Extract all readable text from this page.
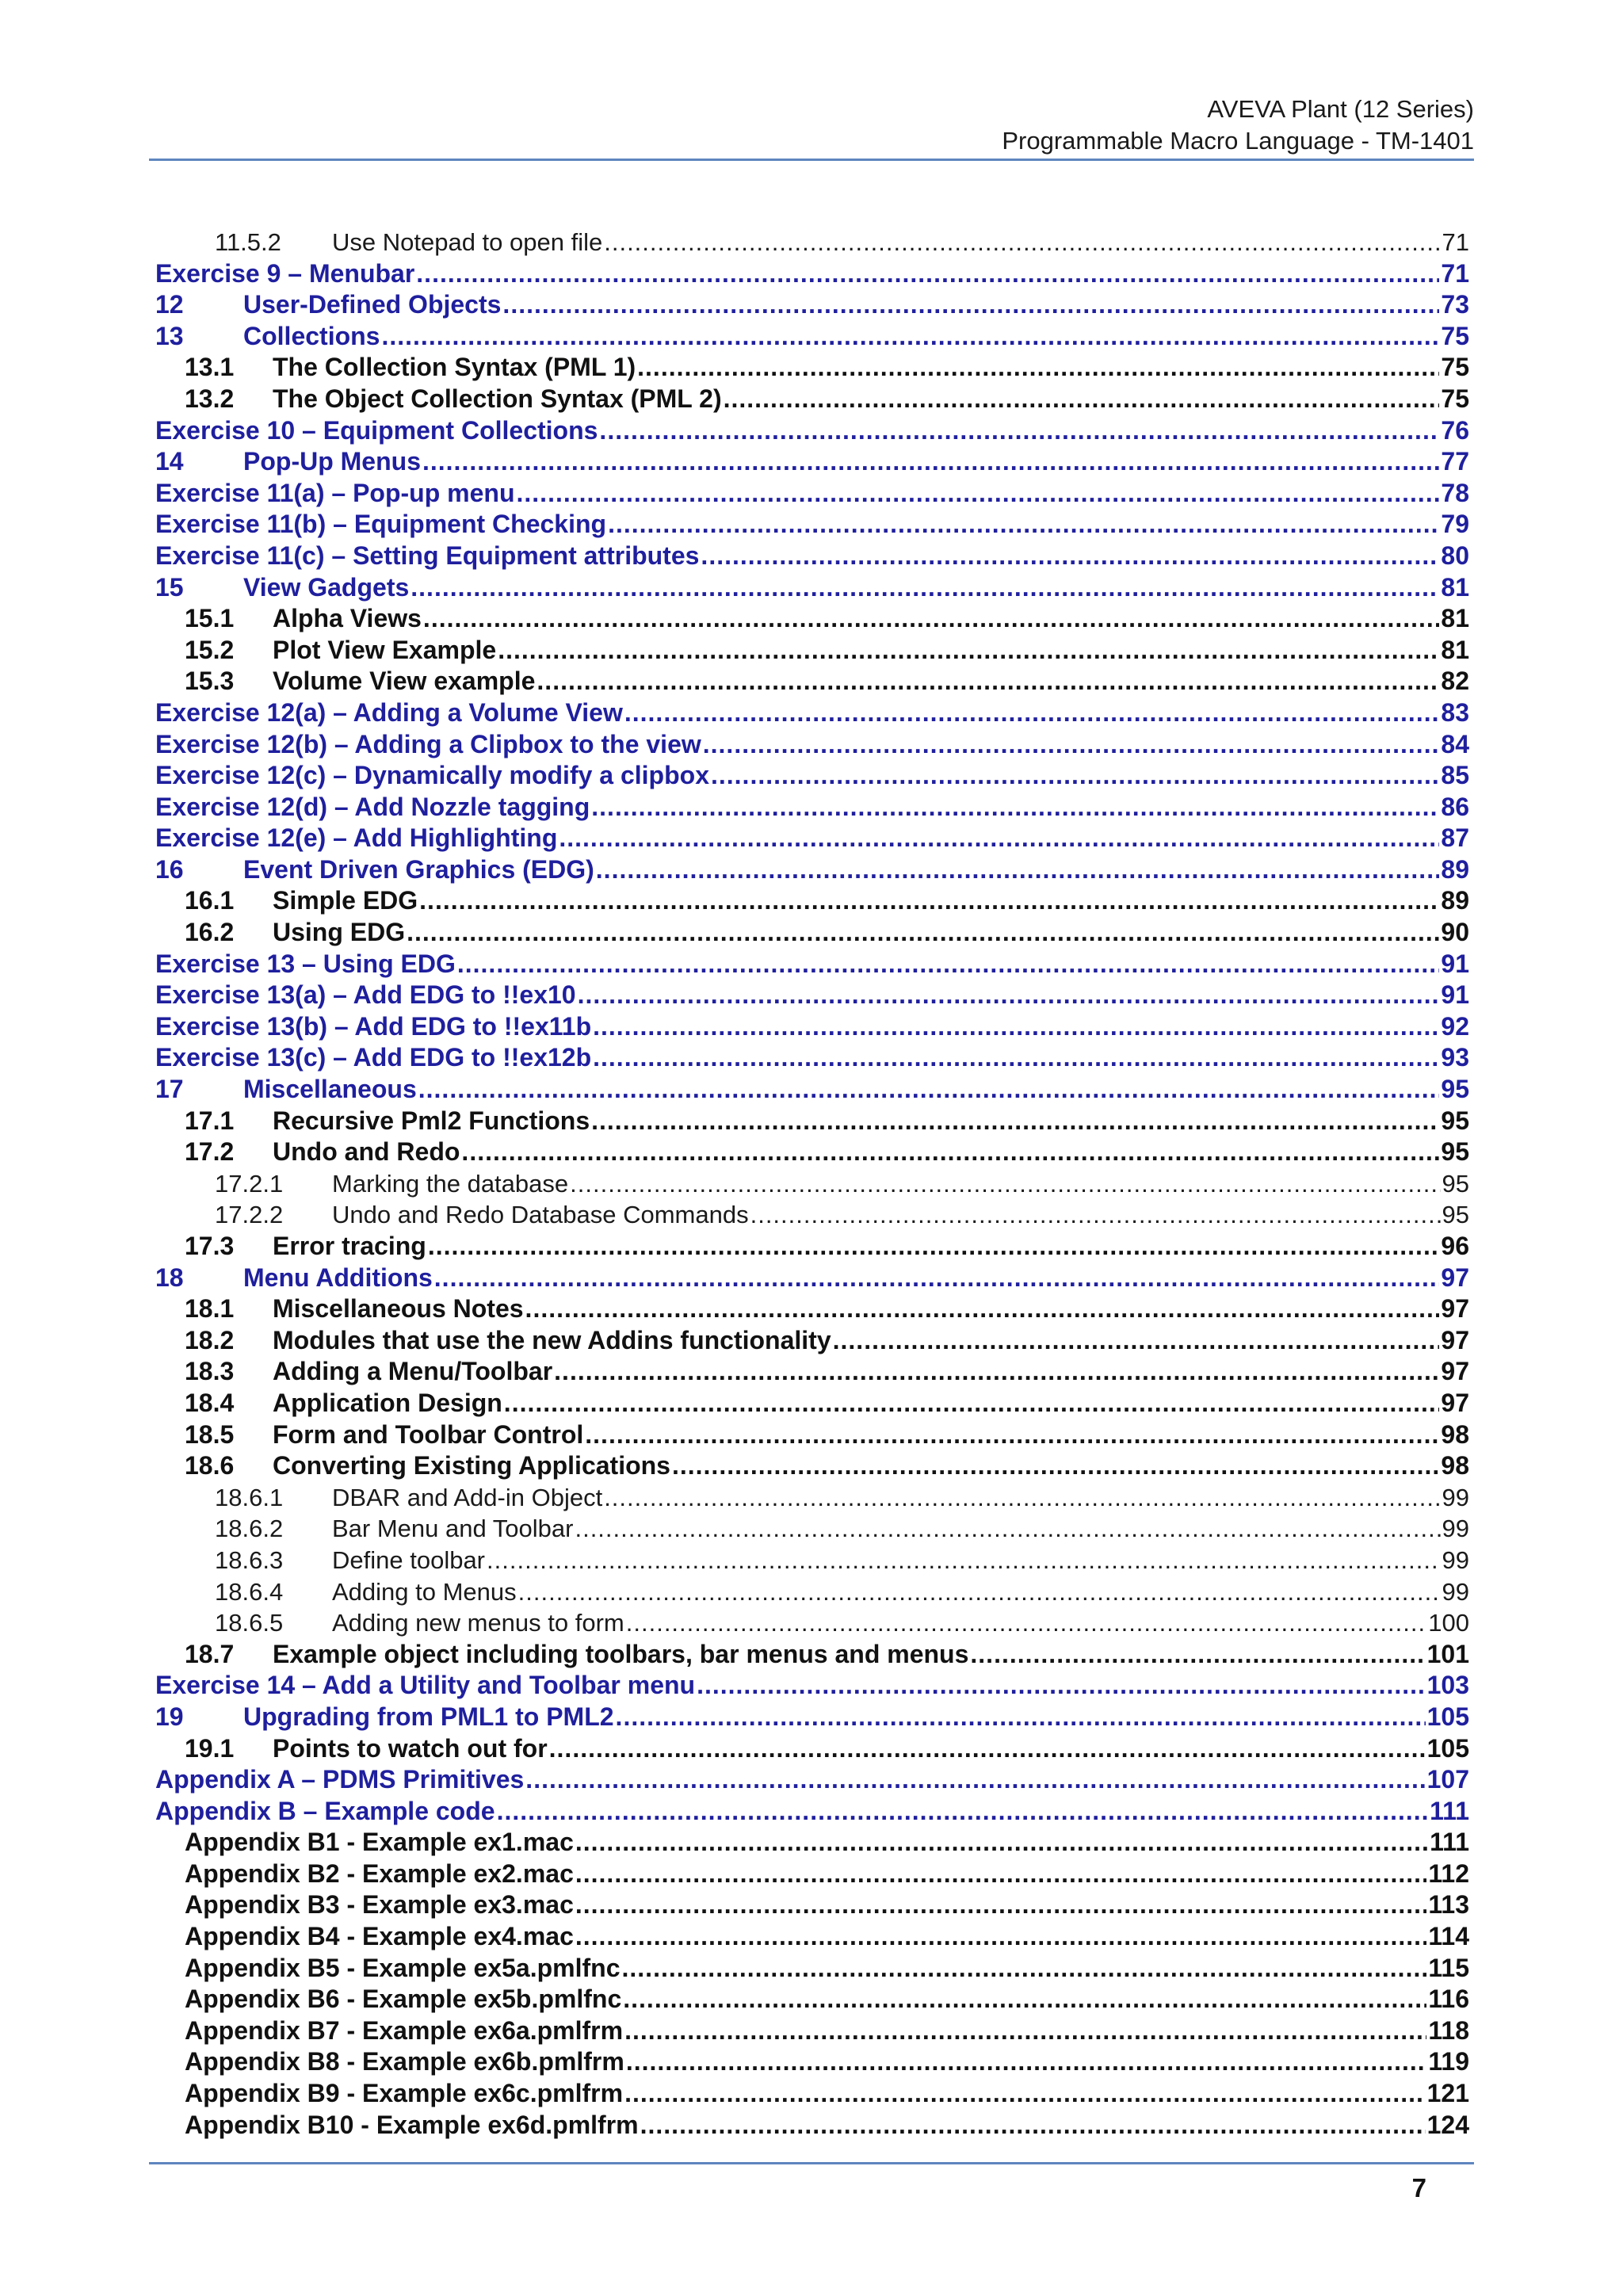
AVEVA Plant (12 Series)
Programmable Macro Language - TM-1401
11.5.2	Use Notepad to open file .....	71
Exercise 9 – Menubar .....	71
12	User-Defined Objects .....	73
13	Collections .....	75
13.1	The Collection Syntax (PML 1) .....	75
13.2	The Object Collection Syntax (PML 2) .....	75
Exercise 10 – Equipment Collections .....	76
14	Pop-Up Menus .....	77
Exercise 11(a) – Pop-up menu .....	78
Exercise 11(b) – Equipment Checking .....	79
Exercise 11(c) – Setting Equipment attributes .....	80
15	View Gadgets .....	81
15.1	Alpha Views .....	81
15.2	Plot View Example .....	81
15.3	Volume View example .....	82
Exercise 12(a) – Adding a Volume View .....	83
Exercise 12(b) – Adding a Clipbox to the view .....	84
Exercise 12(c) – Dynamically modify a clipbox .....	85
Exercise 12(d) – Add Nozzle tagging .....	86
Exercise 12(e) – Add Highlighting .....	87
16	Event Driven Graphics (EDG) .....	89
16.1	Simple EDG .....	89
16.2	Using EDG .....	90
Exercise 13 – Using EDG .....	91
Exercise 13(a) – Add EDG to !!ex10 .....	91
Exercise 13(b) – Add EDG to !!ex11b .....	92
Exercise 13(c) – Add EDG to !!ex12b .....	93
17	Miscellaneous .....	95
17.1	Recursive Pml2 Functions .....	95
17.2	Undo and Redo .....	95
17.2.1	Marking the database .....	95
17.2.2	Undo and Redo Database Commands .....	95
17.3	Error tracing .....	96
18	Menu Additions .....	97
18.1	Miscellaneous Notes .....	97
18.2	Modules that use the new Addins functionality .....	97
18.3	Adding a Menu/Toolbar .....	97
18.4	Application Design .....	97
18.5	Form and Toolbar Control .....	98
18.6	Converting Existing Applications .....	98
18.6.1	DBAR and Add-in Object .....	99
18.6.2	Bar Menu and Toolbar .....	99
18.6.3	Define toolbar .....	99
18.6.4	Adding to Menus .....	99
18.6.5	Adding new menus to form .....	100
18.7	Example object including toolbars, bar menus and menus .....	101
Exercise 14 – Add a Utility and Toolbar menu .....	103
19	Upgrading from PML1 to PML2 .....	105
19.1	Points to watch out for .....	105
Appendix A – PDMS Primitives .....	107
Appendix B – Example code .....	111
Appendix B1 - Example ex1.mac .....	111
Appendix B2 - Example ex2.mac .....	112
Appendix B3 - Example ex3.mac .....	113
Appendix B4 - Example ex4.mac .....	114
Appendix B5 - Example ex5a.pmlfnc .....	115
Appendix B6 - Example ex5b.pmlfnc .....	116
Appendix B7 - Example ex6a.pmlfrm .....	118
Appendix B8 - Example ex6b.pmlfrm .....	119
Appendix B9 - Example ex6c.pmlfrm .....	121
Appendix B10 - Example ex6d.pmlfrm .....	124
7
